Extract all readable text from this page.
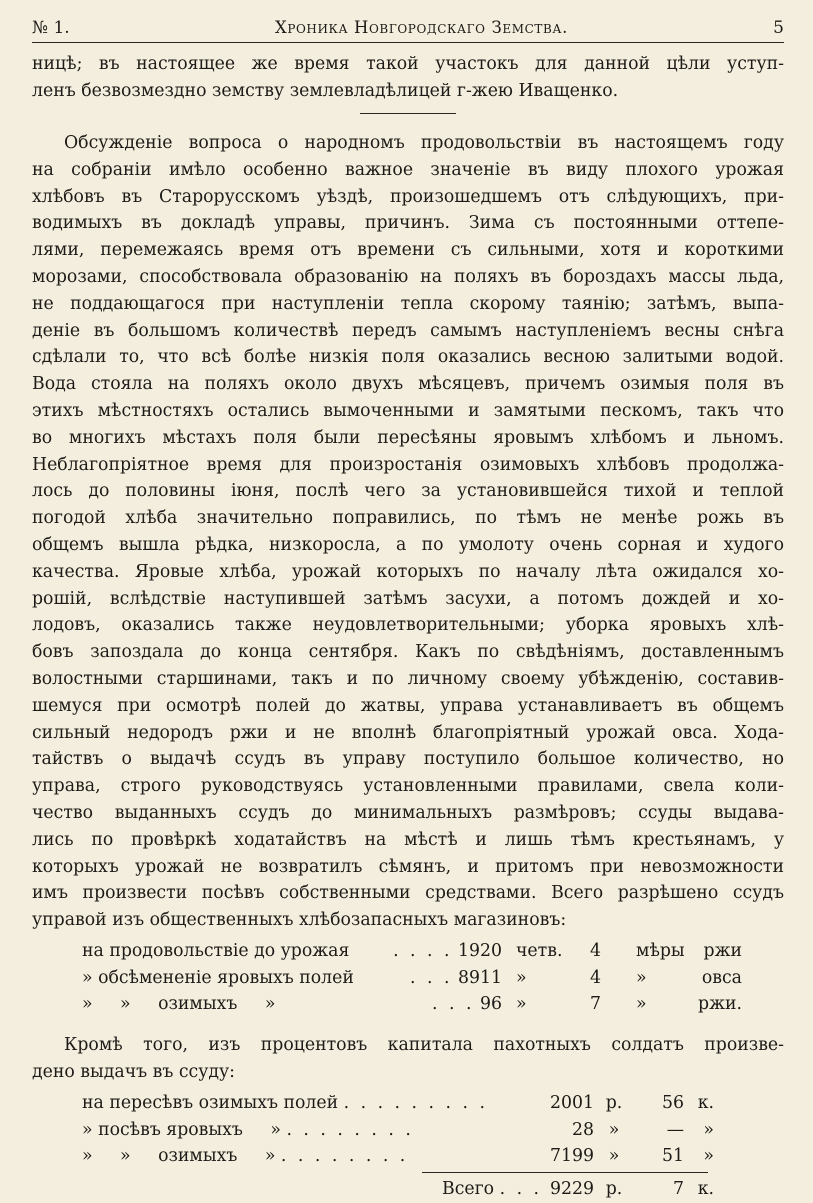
№ 1.	Хроника Новгородскаго Земства.	5
ницѣ; въ настоящее же время такой участокъ для данной цѣли уступ-
ленъ безвозмездно земству землевладѣлицей г-жею Иващенко.
Обсужденіе вопроса о народномъ продовольствіи въ настоящемъ году
на собраніи имѣло особенно важное значеніе въ виду плохого урожая
хлѣбовъ въ Старорусскомъ уѣздѣ, произошедшемъ отъ слѣдующихъ, при-
водимыхъ въ докладѣ управы, причинъ. Зима съ постоянными оттепе-
лями, перемежаясь время отъ времени съ сильными, хотя и короткими
морозами, способствовала образованію на поляхъ въ бороздахъ массы льда,
не поддающагося при наступленіи тепла скорому таянію; затѣмъ, выпа-
деніе въ большомъ количествѣ передъ самымъ наступленіемъ весны снѣга
сдѣлали то, что всѣ болѣе низкія поля оказались весною залитыми водой.
Вода стояла на поляхъ около двухъ мѣсяцевъ, причемъ озимыя поля въ
этихъ мѣстностяхъ остались вымоченными и замятыми пескомъ, такъ что
во многихъ мѣстахъ поля были пересѣяны яровымъ хлѣбомъ и льномъ.
Неблагопріятное время для произростанія озимовыхъ хлѣбовъ продолжа-
лось до половины іюня, послѣ чего за установившейся тихой и теплой
погодой хлѣба значительно поправились, по тѣмъ не менѣе рожь въ
общемъ вышла рѣдка, низкоросла, а по умолоту очень сорная и худого
качества. Яровые хлѣба, урожай которыхъ по началу лѣта ожидался хо-
рошій, вслѣдствіе наступившей затѣмъ засухи, а потомъ дождей и хо-
лодовъ, оказались также неудовлетворительными; уборка яровыхъ хлѣ-
бовъ запоздала до конца сентября. Какъ по свѣдѣніямъ, доставленнымъ
волостными старшинами, такъ и по личному своему убѣжденію, составив-
шемуся при осмотрѣ полей до жатвы, управа устанавливаетъ въ общемъ
сильный недородъ ржи и не вполнѣ благопріятный урожай овса. Хода-
тайствъ о выдачѣ ссудъ въ управу поступило большое количество, но
управа, строго руководствуясь установленными правилами, свела коли-
чество выданныхъ ссудъ до минимальныхъ размѣровъ; ссуды выдава-
лись по провѣркѣ ходатайствъ на мѣстѣ и лишь тѣмъ крестьянамъ, у
которыхъ урожай не возвратилъ сѣмянъ, и притомъ при невозможности
имъ произвести посѣвъ собственными средствами. Всего разрѣшено ссудъ
управой изъ общественныхъ хлѣбозапасныхъ магазиновъ:
на продовольствіе до урожая	. . . . 1920 четв.	4	мѣры	ржи
» обсѣмененіе яровыхъ полей	. . . 8911 »	4	»	овса
»     »     озимыхъ     »	. . . 96 »	7	»	ржи.
Кромѣ того, изъ процентовъ капитала пахотныхъ солдатъ произве-
дено выдачъ въ ссуду:
на пересѣвъ озимыхъ полей . . . . . . . . .	2001 р.	56 к.
» посѣвъ яровыхъ     » . . . . . . . .	28 »	—	»
»     »     озимыхъ     » . . . . . . . .	7199 »	51	»
Всего . . . 9229 р.	7 к.
